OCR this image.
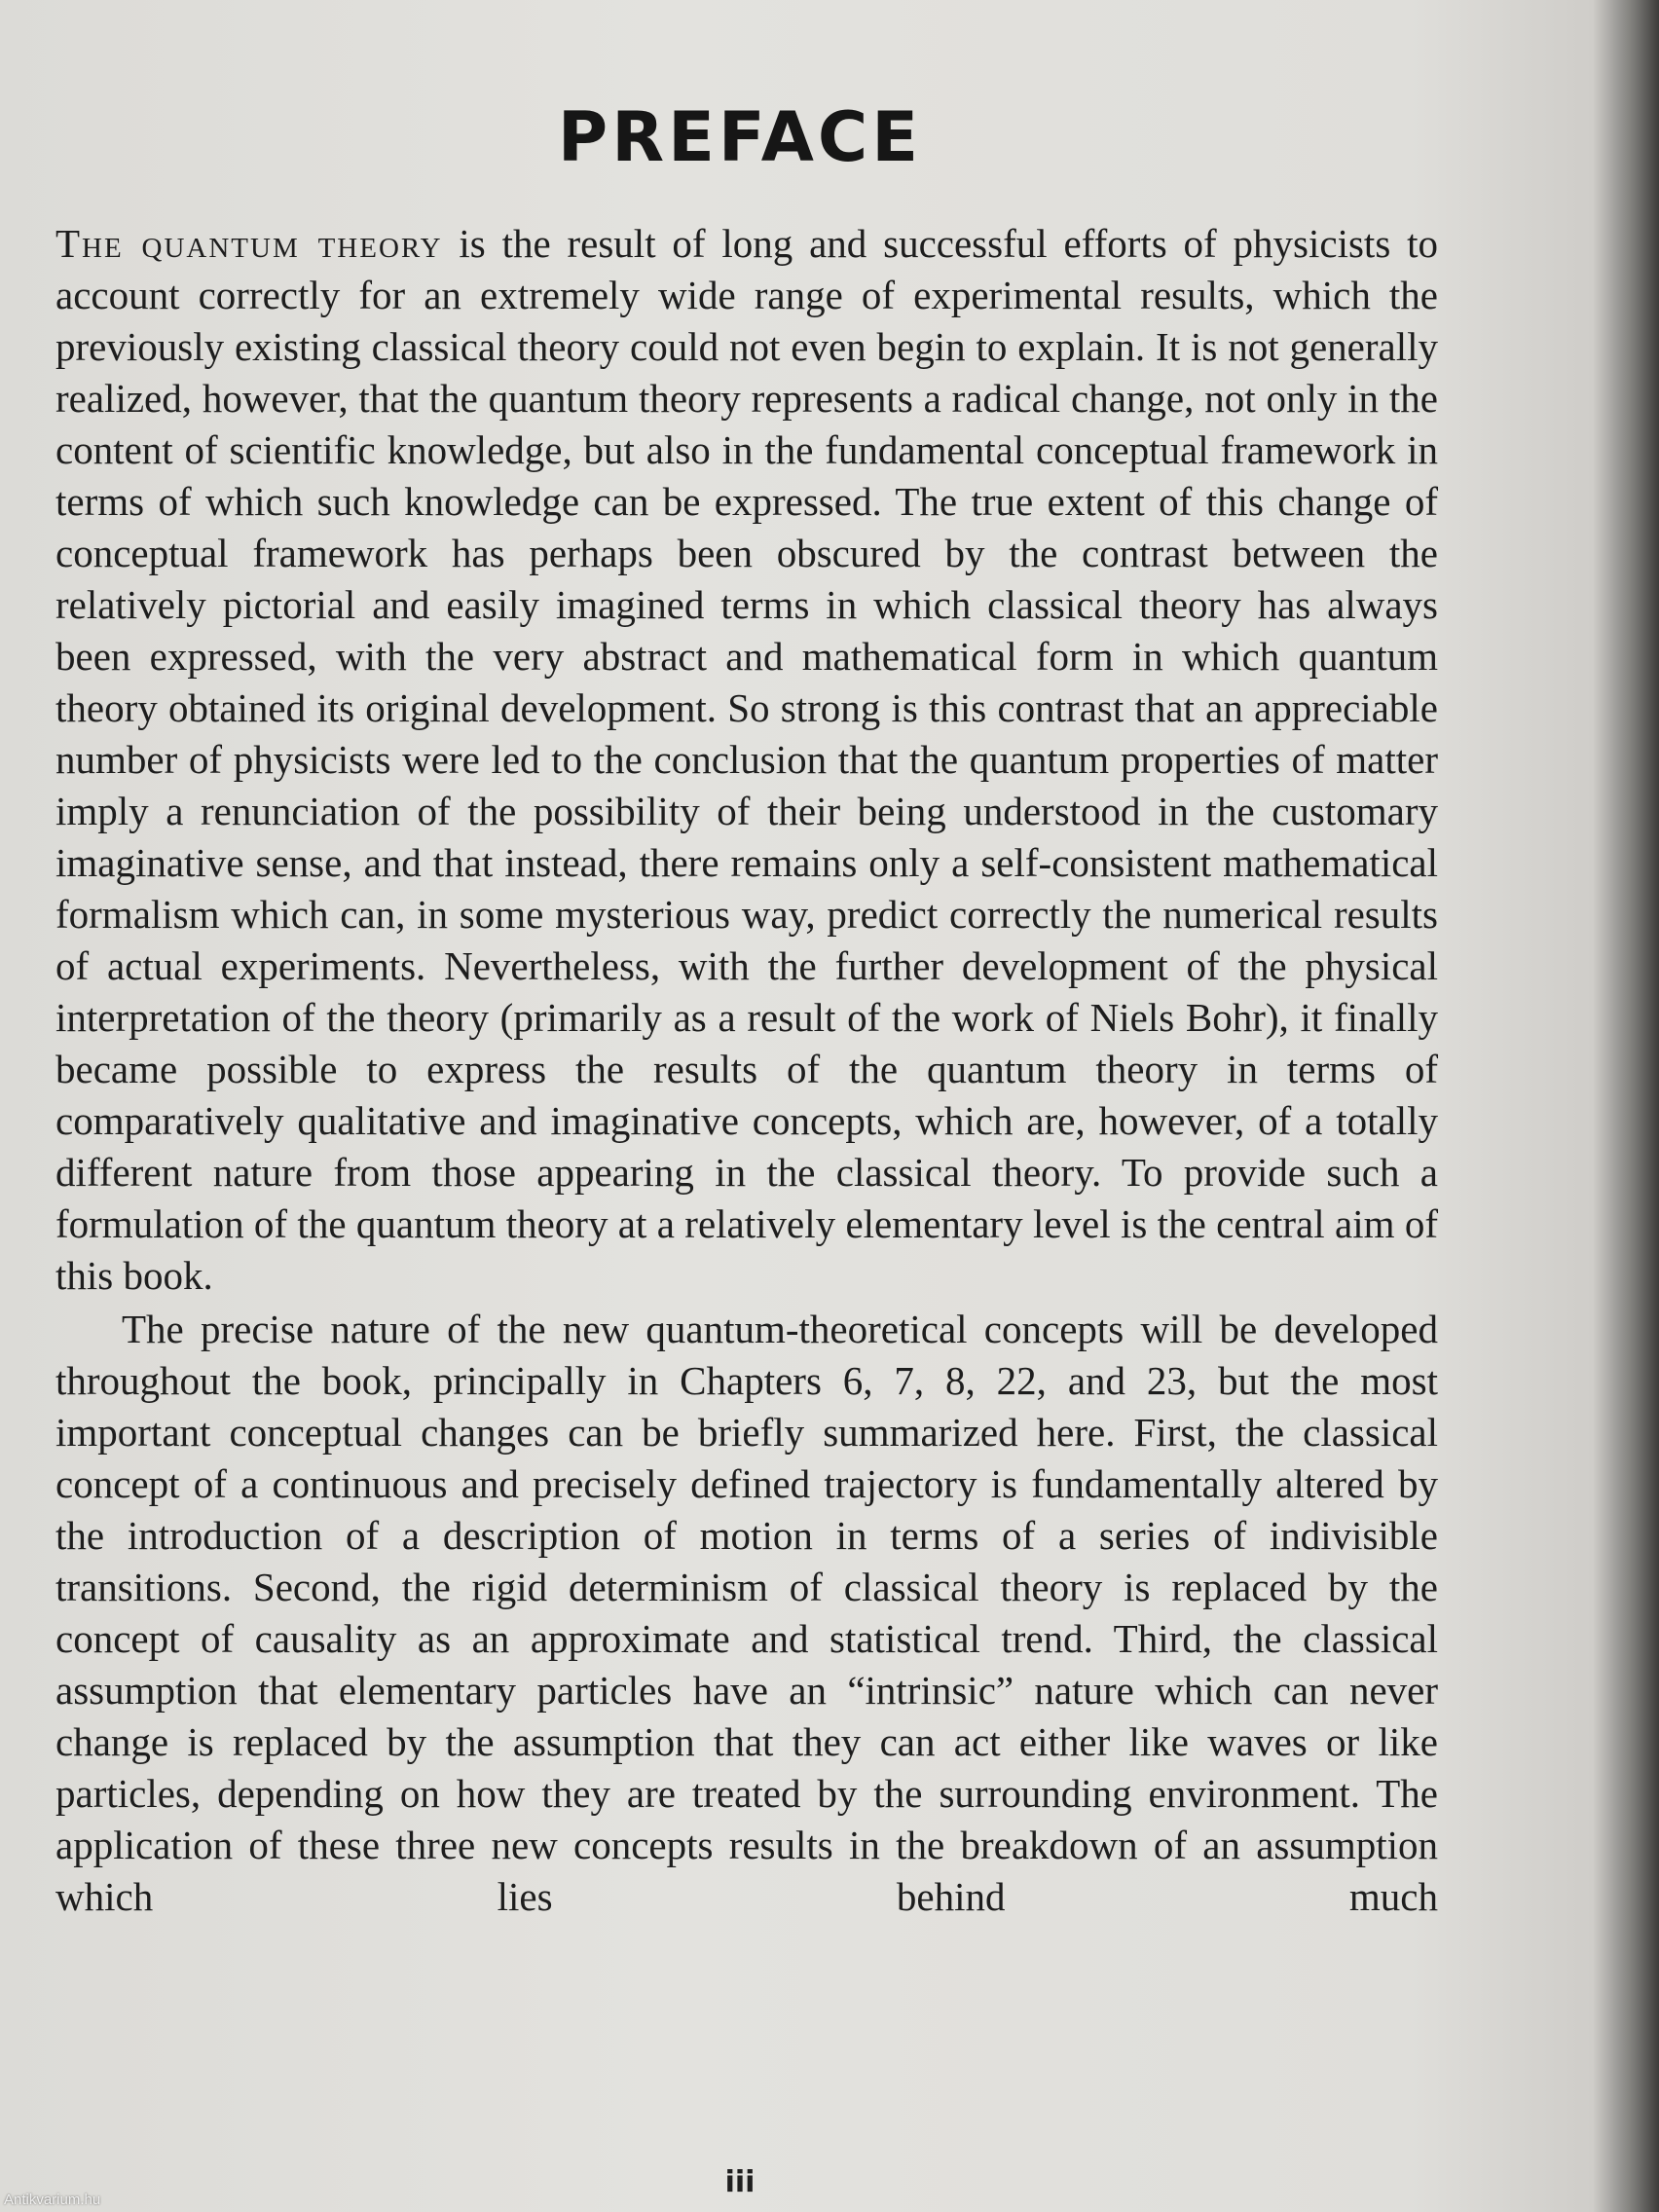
PREFACE

The quantum theory is the result of long and successful efforts of physicists to account correctly for an extremely wide range of experimental results, which the previously existing classical theory could not even begin to explain. It is not generally realized, however, that the quantum theory represents a radical change, not only in the content of scientific knowledge, but also in the fundamental conceptual framework in terms of which such knowledge can be expressed. The true extent of this change of conceptual framework has perhaps been obscured by the contrast between the relatively pictorial and easily imagined terms in which classical theory has always been expressed, with the very abstract and mathematical form in which quantum theory obtained its original development. So strong is this contrast that an appreciable number of physicists were led to the conclusion that the quantum properties of matter imply a renunciation of the possibility of their being understood in the customary imaginative sense, and that instead, there remains only a self-consistent mathematical formalism which can, in some mysterious way, predict correctly the numerical results of actual experiments. Nevertheless, with the further development of the physical interpretation of the theory (primarily as a result of the work of Niels Bohr), it finally became possible to express the results of the quantum theory in terms of comparatively qualitative and imaginative concepts, which are, however, of a totally different nature from those appearing in the classical theory. To provide such a formulation of the quantum theory at a relatively elementary level is the central aim of this book.

The precise nature of the new quantum-theoretical concepts will be developed throughout the book, principally in Chapters 6, 7, 8, 22, and 23, but the most important conceptual changes can be briefly summarized here. First, the classical concept of a continuous and precisely defined trajectory is fundamentally altered by the introduction of a description of motion in terms of a series of indivisible transitions. Second, the rigid determinism of classical theory is replaced by the concept of causality as an approximate and statistical trend. Third, the classical assumption that elementary particles have an “intrinsic” nature which can never change is replaced by the assumption that they can act either like waves or like particles, depending on how they are treated by the surrounding environment. The application of these three new concepts results in the breakdown of an assumption which lies behind much

iii
Antikvarium.hu
